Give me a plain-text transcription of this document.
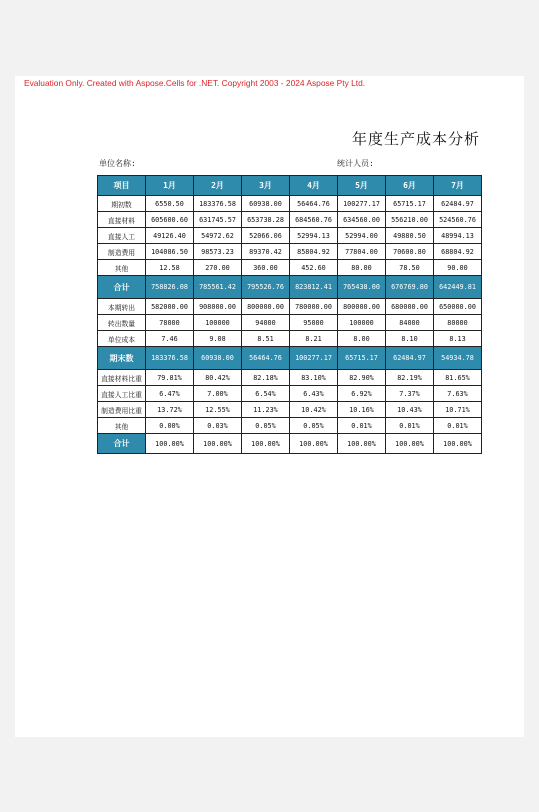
Evaluation Only. Created with Aspose.Cells for .NET. Copyright 2003 - 2024 Aspose Pty Ltd.
年度生产成本分析
单位名称:	统计人员:
项目	1月	2月	3月	4月	5月	6月	7月
期初数	6550.50	183376.58	60938.00	56464.76	100277.17	65715.17	62484.97
直接材料	605600.60	631745.57	653738.28	684560.76	634560.00	556210.00	524560.76
直接人工	49126.40	54972.62	52066.06	52994.13	52994.00	49880.50	48994.13
制造费用	104086.50	98573.23	89370.42	85804.92	77804.00	70600.80	68804.92
其他	12.58	270.00	360.00	452.60	80.00	78.50	90.00
合计	758826.08	785561.42	795526.76	823812.41	765438.00	676769.80	642449.81
本期转出	582000.00	908000.00	800000.00	780000.00	800000.00	680000.00	650000.00
转出数量	78000	100000	94000	95000	100000	84000	80000
单位成本	7.46	9.08	8.51	8.21	8.00	8.10	8.13
期末数	183376.58	60938.00	56464.76	100277.17	65715.17	62484.97	54934.78
直接材料比重	79.81%	80.42%	82.18%	83.10%	82.90%	82.19%	81.65%
直接人工比重	6.47%	7.00%	6.54%	6.43%	6.92%	7.37%	7.63%
制造费用比重	13.72%	12.55%	11.23%	10.42%	10.16%	10.43%	10.71%
其他	0.00%	0.03%	0.05%	0.05%	0.01%	0.01%	0.01%
合计	100.00%	100.00%	100.00%	100.00%	100.00%	100.00%	100.00%
